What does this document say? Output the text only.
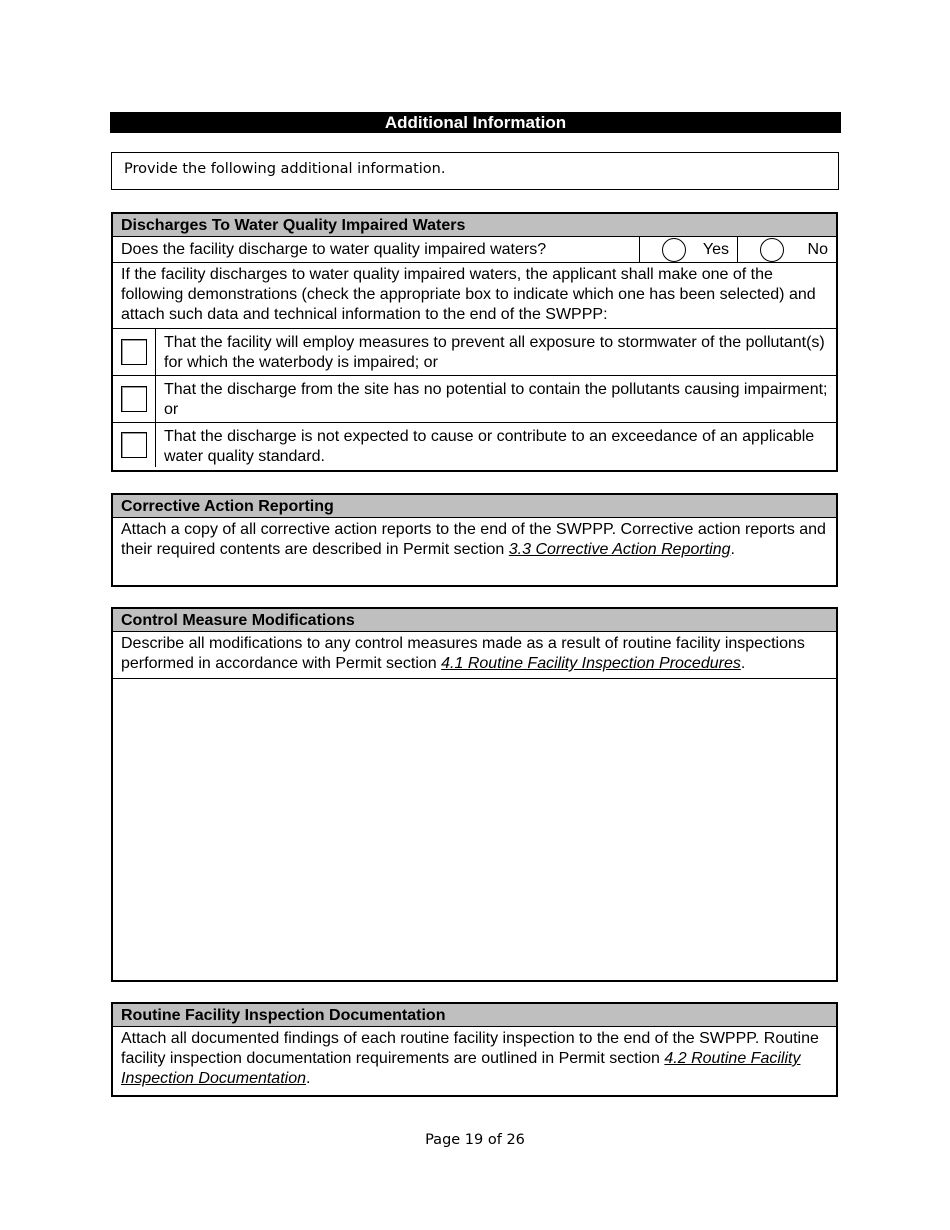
Additional Information
Provide the following additional information.
Discharges To Water Quality Impaired Waters
Does the facility discharge to water quality impaired waters?	Yes	No
If the facility discharges to water quality impaired waters, the applicant shall make one of the following demonstrations (check the appropriate box to indicate which one has been selected) and attach such data and technical information to the end of the SWPPP:
That the facility will employ measures to prevent all exposure to stormwater of the pollutant(s) for which the waterbody is impaired; or
That the discharge from the site has no potential to contain the pollutants causing impairment; or
That the discharge is not expected to cause or contribute to an exceedance of an applicable water quality standard.
Corrective Action Reporting
Attach a copy of all corrective action reports to the end of the SWPPP. Corrective action reports and their required contents are described in Permit section 3.3 Corrective Action Reporting.
Control Measure Modifications
Describe all modifications to any control measures made as a result of routine facility inspections performed in accordance with Permit section 4.1 Routine Facility Inspection Procedures.
Routine Facility Inspection Documentation
Attach all documented findings of each routine facility inspection to the end of the SWPPP. Routine facility inspection documentation requirements are outlined in Permit section 4.2 Routine Facility Inspection Documentation.
Page 19 of 26
